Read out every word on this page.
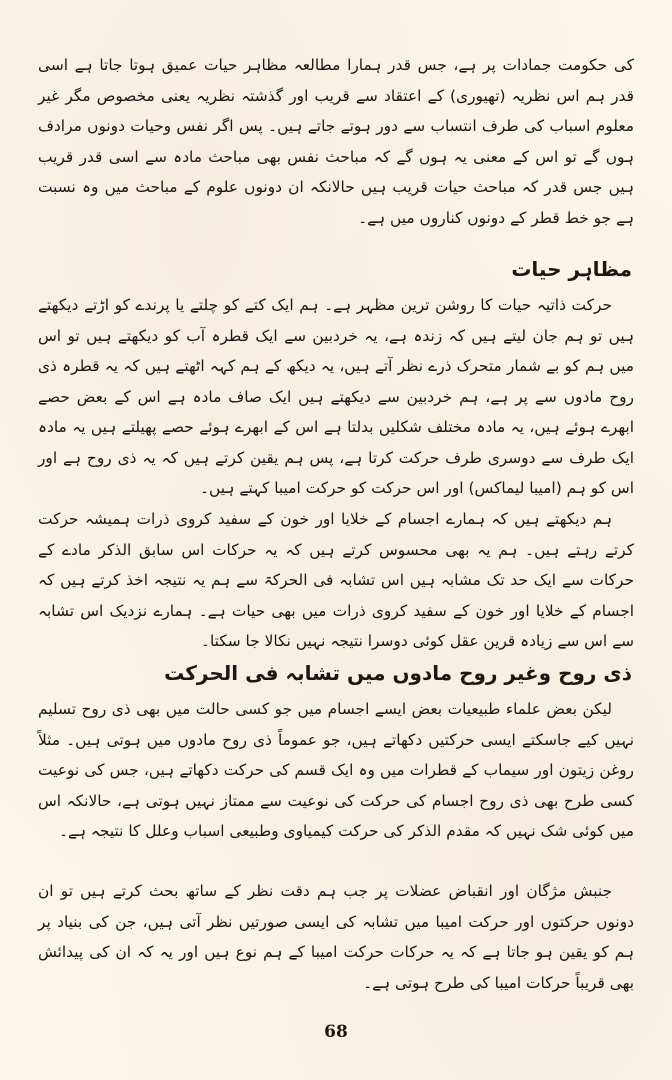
کی حکومت جمادات پر ہے، جس قدر ہمارا مطالعہ مظاہر حیات عمیق ہوتا جاتا ہے اسی قدر ہم اس نظریہ (تھیوری) کے اعتقاد سے قریب اور گذشتہ نظریہ یعنی مخصوص مگر غیر معلوم اسباب کی طرف انتساب سے دور ہوتے جاتے ہیں۔ پس اگر نفس وحیات دونوں مرادف ہوں گے تو اس کے معنی یہ ہوں گے کہ مباحث نفس بھی مباحث مادہ سے اسی قدر قریب ہیں جس قدر کہ مباحث حیات قریب ہیں حالانکہ ان دونوں علوم کے مباحث میں وہ نسبت ہے جو خط قطر کے دونوں کناروں میں ہے۔

مظاہر حیات

حرکت ذاتیہ حیات کا روشن ترین مظہر ہے۔ ہم ایک کتے کو چلتے یا پرندے کو اڑتے دیکھتے ہیں تو ہم جان لیتے ہیں کہ زندہ ہے، یہ خردبین سے ایک قطرہ آب کو دیکھتے ہیں تو اس میں ہم کو بے شمار متحرک ذرے نظر آتے ہیں، یہ دیکھ کے ہم کہہ اٹھتے ہیں کہ یہ قطرہ ذی روح مادوں سے پر ہے، ہم خردبین سے دیکھتے ہیں ایک صاف مادہ ہے اس کے بعض حصے ابھرے ہوئے ہیں، یہ مادہ مختلف شکلیں بدلتا ہے اس کے ابھرے ہوئے حصے پھیلتے ہیں یہ مادہ ایک طرف سے دوسری طرف حرکت کرتا ہے، پس ہم یقین کرتے ہیں کہ یہ ذی روح ہے اور اس کو ہم (امیبا لیماکس) اور اس حرکت کو حرکت امیبا کہتے ہیں۔

ہم دیکھتے ہیں کہ ہمارے اجسام کے خلایا اور خون کے سفید کروی ذرات ہمیشہ حرکت کرتے رہتے ہیں۔ ہم یہ بھی محسوس کرتے ہیں کہ یہ حرکات اس سابق الذکر مادے کے حرکات سے ایک حد تک مشابہ ہیں اس تشابہ فی الحرکۃ سے ہم یہ نتیجہ اخذ کرتے ہیں کہ اجسام کے خلایا اور خون کے سفید کروی ذرات میں بھی حیات ہے۔ ہمارے نزدیک اس تشابہ سے اس سے زیادہ قرین عقل کوئی دوسرا نتیجہ نہیں نکالا جا سکتا۔

ذی روح وغیر روح مادوں میں تشابہ فی الحرکت

لیکن بعض علماء طبیعیات بعض ایسے اجسام میں جو کسی حالت میں بھی ذی روح تسلیم نہیں کیے جاسکتے ایسی حرکتیں دکھاتے ہیں، جو عموماً ذی روح مادوں میں ہوتی ہیں۔ مثلاً روغن زیتون اور سیماب کے قطرات میں وہ ایک قسم کی حرکت دکھاتے ہیں، جس کی نوعیت کسی طرح بھی ذی روح اجسام کی حرکت کی نوعیت سے ممتاز نہیں ہوتی ہے، حالانکہ اس میں کوئی شک نہیں کہ مقدم الذکر کی حرکت کیمیاوی وطبیعی اسباب وعلل کا نتیجہ ہے۔

جنبش مژگان اور انقباض عضلات پر جب ہم دقت نظر کے ساتھ بحث کرتے ہیں تو ان دونوں حرکتوں اور حرکت امیبا میں تشابہ کی ایسی صورتیں نظر آتی ہیں، جن کی بنیاد پر ہم کو یقین ہو جاتا ہے کہ یہ حرکات حرکت امیبا کے ہم نوع ہیں اور یہ کہ ان کی پیدائش بھی قریباً حرکات امیبا کی طرح ہوتی ہے۔

68
